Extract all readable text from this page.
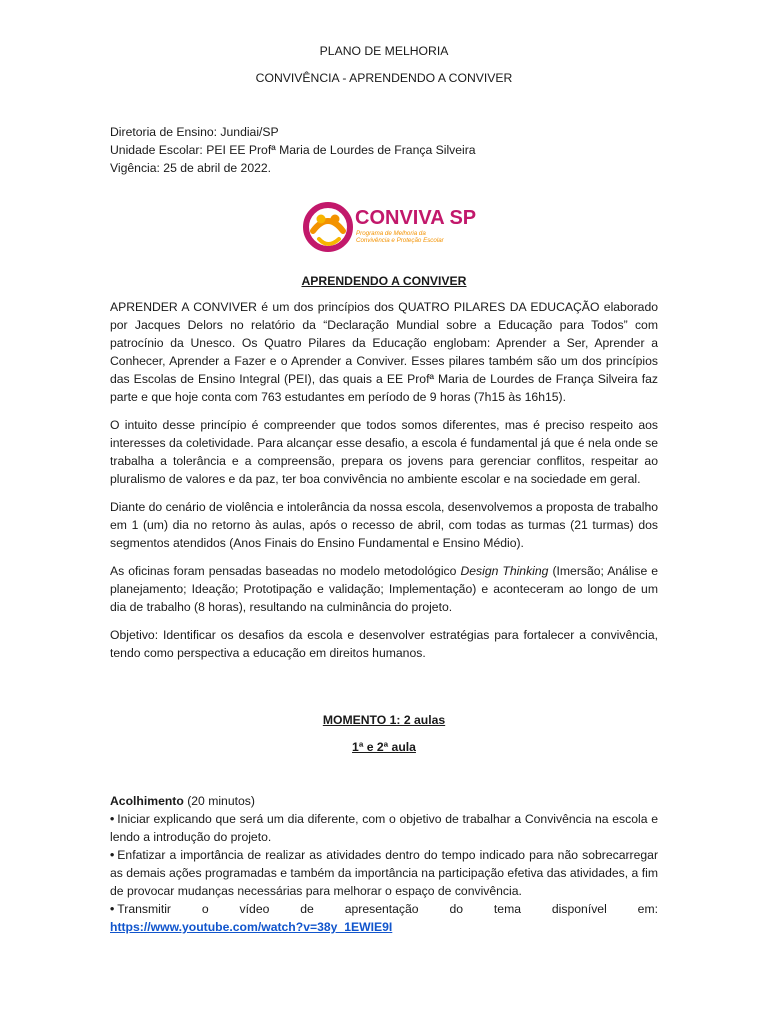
PLANO DE MELHORIA

CONVIVÊNCIA - APRENDENDO A CONVIVER

Diretoria de Ensino: Jundiai/SP

Unidade Escolar: PEI EE Profª Maria de Lourdes de França Silveira

Vigência: 25 de abril de 2022.

CONVIVA SP
Programa de Melhoria da
Convivência e Proteção Escolar

APRENDENDO A CONVIVER

APRENDER A CONVIVER é um dos princípios dos QUATRO PILARES DA EDUCAÇÃO elaborado por Jacques Delors no relatório da “Declaração Mundial sobre a Educação para Todos” com patrocínio da Unesco. Os Quatro Pilares da Educação englobam: Aprender a Ser, Aprender a Conhecer, Aprender a Fazer e o Aprender a Conviver. Esses pilares também são um dos princípios das Escolas de Ensino Integral (PEI), das quais a EE Profª Maria de Lourdes de França Silveira faz parte e que hoje conta com 763 estudantes em período de 9 horas (7h15 às 16h15).

O intuito desse princípio é compreender que todos somos diferentes, mas é preciso respeito aos interesses da coletividade. Para alcançar esse desafio, a escola é fundamental já que é nela onde se trabalha a tolerância e a compreensão, prepara os jovens para gerenciar conflitos, respeitar ao pluralismo de valores e da paz, ter boa convivência no ambiente escolar e na sociedade em geral.

Diante do cenário de violência e intolerância da nossa escola, desenvolvemos a proposta de trabalho em 1 (um) dia no retorno às aulas, após o recesso de abril, com todas as turmas (21 turmas) dos segmentos atendidos (Anos Finais do Ensino Fundamental e Ensino Médio).

As oficinas foram pensadas baseadas no modelo metodológico Design Thinking (Imersão; Análise e planejamento; Ideação; Prototipação e validação; Implementação) e aconteceram ao longo de um dia de trabalho (8 horas), resultando na culminância do projeto.

Objetivo: Identificar os desafios da escola e desenvolver estratégias para fortalecer a convivência, tendo como perspectiva a educação em direitos humanos.

MOMENTO 1: 2 aulas

1ª e 2ª aula

Acolhimento (20 minutos)

• Iniciar explicando que será um dia diferente, com o objetivo de trabalhar a Convivência na escola e lendo a introdução do projeto.

• Enfatizar a importância de realizar as atividades dentro do tempo indicado para não sobrecarregar as demais ações programadas e também da importância na participação efetiva das atividades, a fim de provocar mudanças necessárias para melhorar o espaço de convivência.

• Transmitir o vídeo de apresentação do tema disponível em:

https://www.youtube.com/watch?v=38y_1EWIE9I
